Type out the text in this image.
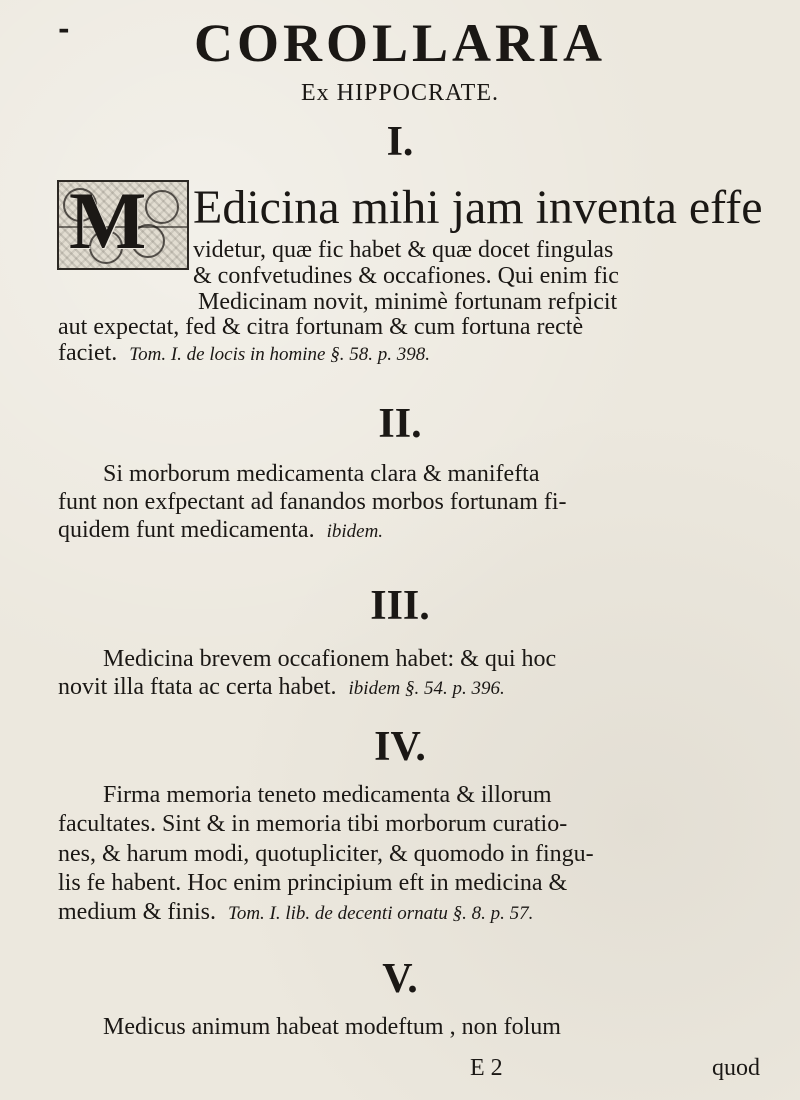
-	COROLLARIA
Ex HIPPOCRATE.
I.
M Edicina mihi jam inventa effe
videtur, quæ fic habet & quæ docet fingulas
& confvetudines & occafiones. Qui enim fic
Medicinam novit, minimè fortunam refpicit
aut expectat, fed & citra fortunam & cum fortuna rectè
faciet. Tom. I. de locis in homine §. 58. p. 398.
II.
Si morborum medicamenta clara & manifefta
funt non exfpectant ad fanandos morbos fortunam fi-
quidem funt medicamenta. ibidem.
III.
Medicina brevem occafionem habet: & qui hoc
novit illa ftata ac certa habet. ibidem §. 54. p. 396.
IV.
Firma memoria teneto medicamenta & illorum
facultates. Sint & in memoria tibi morborum curatio-
nes, & harum modi, quotupliciter, & quomodo in fingu-
lis fe habent. Hoc enim principium eft in medicina &
medium & finis. Tom. I. lib. de decenti ornatu §. 8. p. 57.
V.
Medicus animum habeat modeftum , non folum
E 2	quod
